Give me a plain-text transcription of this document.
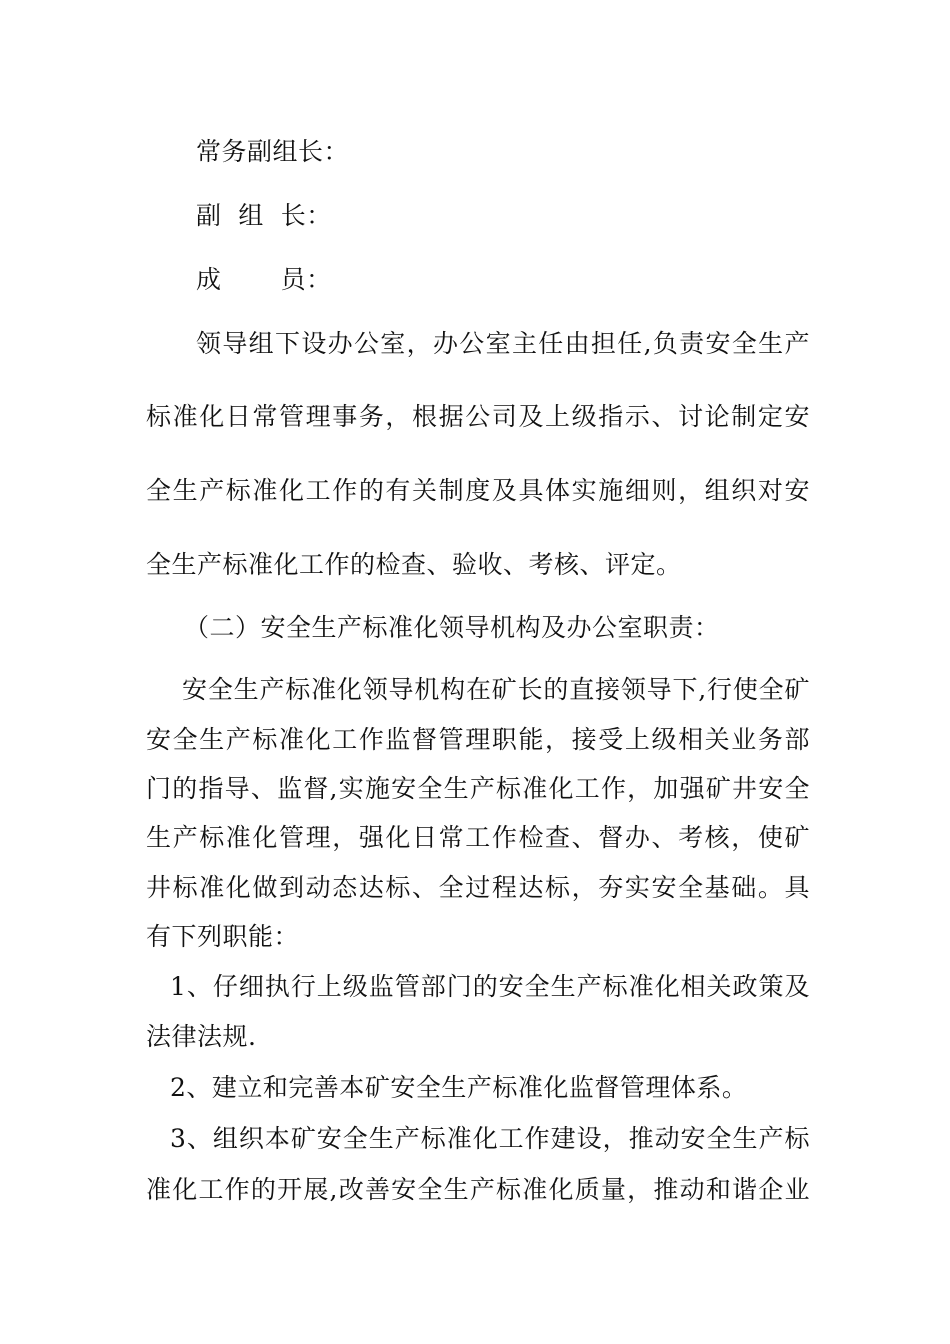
常务副组长：
副  组  长：
成       员：
领导组下设办公室，办公室主任由担任,负责安全生产
标准化日常管理事务，根据公司及上级指示、讨论制定安
全生产标准化工作的有关制度及具体实施细则，组织对安
全生产标准化工作的检查、验收、考核、评定。
（二）安全生产标准化领导机构及办公室职责：
安全生产标准化领导机构在矿长的直接领导下,行使全矿
安全生产标准化工作监督管理职能，接受上级相关业务部
门的指导、监督,实施安全生产标准化工作，加强矿井安全
生产标准化管理，强化日常工作检查、督办、考核，使矿
井标准化做到动态达标、全过程达标，夯实安全基础。具
有下列职能：
1、仔细执行上级监管部门的安全生产标准化相关政策及
法律法规.
2、建立和完善本矿安全生产标准化监督管理体系。
3、组织本矿安全生产标准化工作建设，推动安全生产标
准化工作的开展,改善安全生产标准化质量，推动和谐企业
